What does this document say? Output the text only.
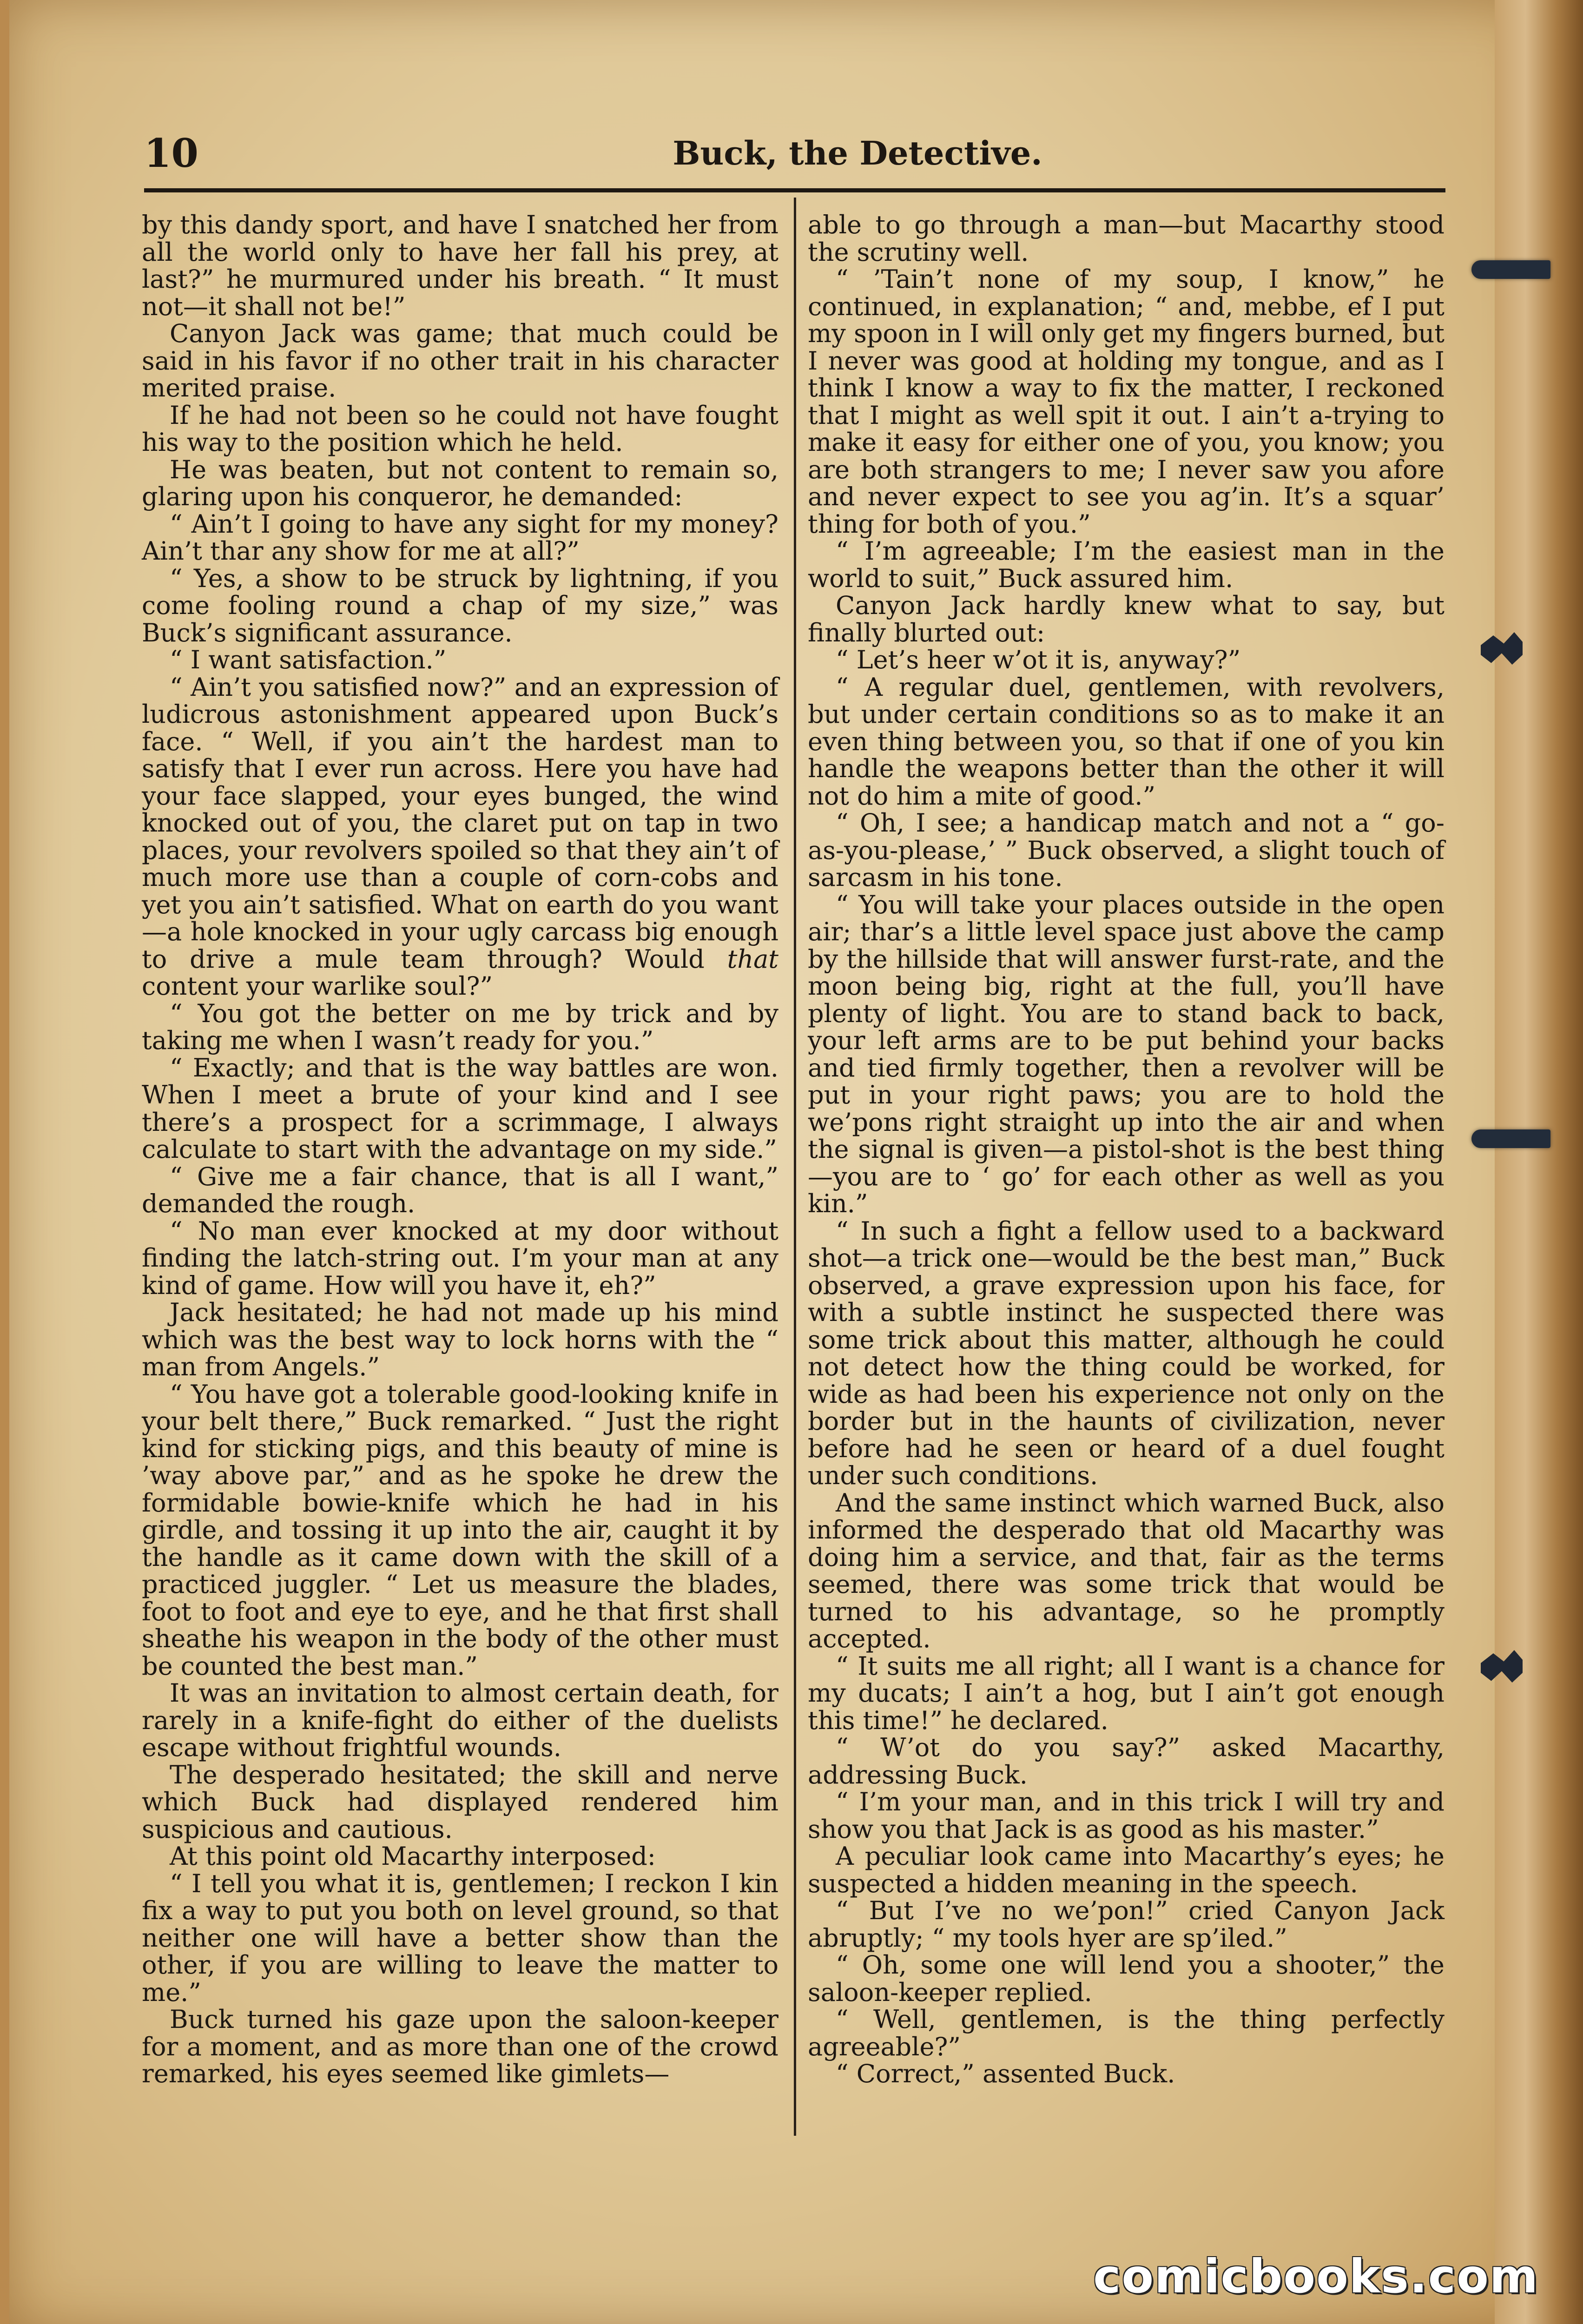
10	Buck, the Detective.

by this dandy sport, and have I snatched her from all the world only to have her fall his prey, at last?” he murmured under his breath. “ It must not—it shall not be!”

Canyon Jack was game; that much could be said in his favor if no other trait in his character merited praise.

If he had not been so he could not have fought his way to the position which he held.

He was beaten, but not content to remain so, glaring upon his conqueror, he demanded:

“ Ain’t I going to have any sight for my money? Ain’t thar any show for me at all?”

“ Yes, a show to be struck by lightning, if you come fooling round a chap of my size,” was Buck’s significant assurance.

“ I want satisfaction.”

“ Ain’t you satisfied now?” and an expression of ludicrous astonishment appeared upon Buck’s face. “ Well, if you ain’t the hardest man to satisfy that I ever run across. Here you have had your face slapped, your eyes bunged, the wind knocked out of you, the claret put on tap in two places, your revolvers spoiled so that they ain’t of much more use than a couple of corn-cobs and yet you ain’t satisfied. What on earth do you want—a hole knocked in your ugly carcass big enough to drive a mule team through? Would that content your warlike soul?”

“ You got the better on me by trick and by taking me when I wasn’t ready for you.”

“ Exactly; and that is the way battles are won. When I meet a brute of your kind and I see there’s a prospect for a scrimmage, I always calculate to start with the advantage on my side.”

“ Give me a fair chance, that is all I want,” demanded the rough.

“ No man ever knocked at my door without finding the latch-string out. I’m your man at any kind of game. How will you have it, eh?”

Jack hesitated; he had not made up his mind which was the best way to lock horns with the “ man from Angels.”

“ You have got a tolerable good-looking knife in your belt there,” Buck remarked. “ Just the right kind for sticking pigs, and this beauty of mine is ’way above par,” and as he spoke he drew the formidable bowie-knife which he had in his girdle, and tossing it up into the air, caught it by the handle as it came down with the skill of a practiced juggler. “ Let us measure the blades, foot to foot and eye to eye, and he that first shall sheathe his weapon in the body of the other must be counted the best man.”

It was an invitation to almost certain death, for rarely in a knife-fight do either of the duelists escape without frightful wounds.

The desperado hesitated; the skill and nerve which Buck had displayed rendered him suspicious and cautious.

At this point old Macarthy interposed:

“ I tell you what it is, gentlemen; I reckon I kin fix a way to put you both on level ground, so that neither one will have a better show than the other, if you are willing to leave the matter to me.”

Buck turned his gaze upon the saloon-keeper for a moment, and as more than one of the crowd remarked, his eyes seemed like gimlets—

able to go through a man—but Macarthy stood the scrutiny well.

“ ’Tain’t none of my soup, I know,” he continued, in explanation; “ and, mebbe, ef I put my spoon in I will only get my fingers burned, but I never was good at holding my tongue, and as I think I know a way to fix the matter, I reckoned that I might as well spit it out. I ain’t a-trying to make it easy for either one of you, you know; you are both strangers to me; I never saw you afore and never expect to see you ag’in. It’s a squar’ thing for both of you.”

“ I’m agreeable; I’m the easiest man in the world to suit,” Buck assured him.

Canyon Jack hardly knew what to say, but finally blurted out:

“ Let’s heer w’ot it is, anyway?”

“ A regular duel, gentlemen, with revolvers, but under certain conditions so as to make it an even thing between you, so that if one of you kin handle the weapons better than the other it will not do him a mite of good.”

“ Oh, I see; a handicap match and not a “ go-as-you-please,’ ” Buck observed, a slight touch of sarcasm in his tone.

“ You will take your places outside in the open air; thar’s a little level space just above the camp by the hillside that will answer furst-rate, and the moon being big, right at the full, you’ll have plenty of light. You are to stand back to back, your left arms are to be put behind your backs and tied firmly together, then a revolver will be put in your right paws; you are to hold the we’pons right straight up into the air and when the signal is given—a pistol-shot is the best thing—you are to ‘ go’ for each other as well as you kin.”

“ In such a fight a fellow used to a backward shot—a trick one—would be the best man,” Buck observed, a grave expression upon his face, for with a subtle instinct he suspected there was some trick about this matter, although he could not detect how the thing could be worked, for wide as had been his experience not only on the border but in the haunts of civilization, never before had he seen or heard of a duel fought under such conditions.

And the same instinct which warned Buck, also informed the desperado that old Macarthy was doing him a service, and that, fair as the terms seemed, there was some trick that would be turned to his advantage, so he promptly accepted.

“ It suits me all right; all I want is a chance for my ducats; I ain’t a hog, but I ain’t got enough this time!” he declared.

“ W’ot do you say?” asked Macarthy, addressing Buck.

“ I’m your man, and in this trick I will try and show you that Jack is as good as his master.”

A peculiar look came into Macarthy’s eyes; he suspected a hidden meaning in the speech.

“ But I’ve no we’pon!” cried Canyon Jack abruptly; “ my tools hyer are sp’iled.”

“ Oh, some one will lend you a shooter,” the saloon-keeper replied.

“ Well, gentlemen, is the thing perfectly agreeable?”

“ Correct,” assented Buck.

comicbooks.com
